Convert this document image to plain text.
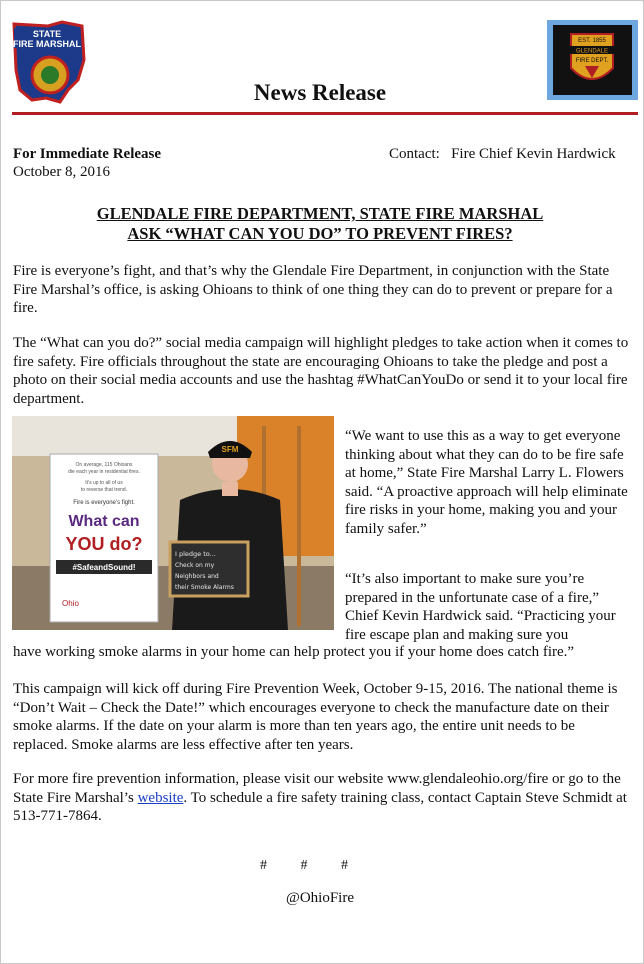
STATE
FIRE MARSHAL	EST. 1855
GLENDALE
FIRE DEPT.
News Release
For Immediate Release
October 8, 2016
Contact: Fire Chief Kevin Hardwick
GLENDALE FIRE DEPARTMENT, STATE FIRE MARSHAL
ASK “WHAT CAN YOU DO” TO PREVENT FIRES?
Fire is everyone’s fight, and that’s why the Glendale Fire Department, in conjunction with the State Fire Marshal’s office, is asking Ohioans to think of one thing they can do to prevent or prepare for a fire.
The “What can you do?” social media campaign will highlight pledges to take action when it comes to fire safety. Fire officials throughout the state are encouraging Ohioans to take the pledge and post a photo on their social media accounts and use the hashtag #WhatCanYouDo or send it to your local fire department.
On average, 115 Ohioans
die each year in residential fires.
It’s up to all of us
to reverse that trend.
Fire is everyone’s fight.
What can
YOU do?
#SafeandSound!
Ohio
SFM
I pledge to...
Check on my
Neighbors and
their Smoke Alarms
“We want to use this as a way to get everyone thinking about what they can do to be fire safe at home,” State Fire Marshal Larry L. Flowers said. “A proactive approach will help eliminate fire risks in your home, making you and your family safer.”
“It’s also important to make sure you’re prepared in the unfortunate case of a fire,” Chief Kevin Hardwick said. “Practicing your fire escape plan and making sure you
have working smoke alarms in your home can help protect you if your home does catch fire.”
This campaign will kick off during Fire Prevention Week, October 9-15, 2016. The national theme is “Don’t Wait – Check the Date!” which encourages everyone to check the manufacture date on their smoke alarms. If the date on your alarm is more than ten years ago, the entire unit needs to be replaced. Smoke alarms are less effective after ten years.
For more fire prevention information, please visit our website www.glendaleohio.org/fire or go to the State Fire Marshal’s website. To schedule a fire safety training class, contact Captain Steve Schmidt at 513-771-7864.
# # #
@OhioFire
